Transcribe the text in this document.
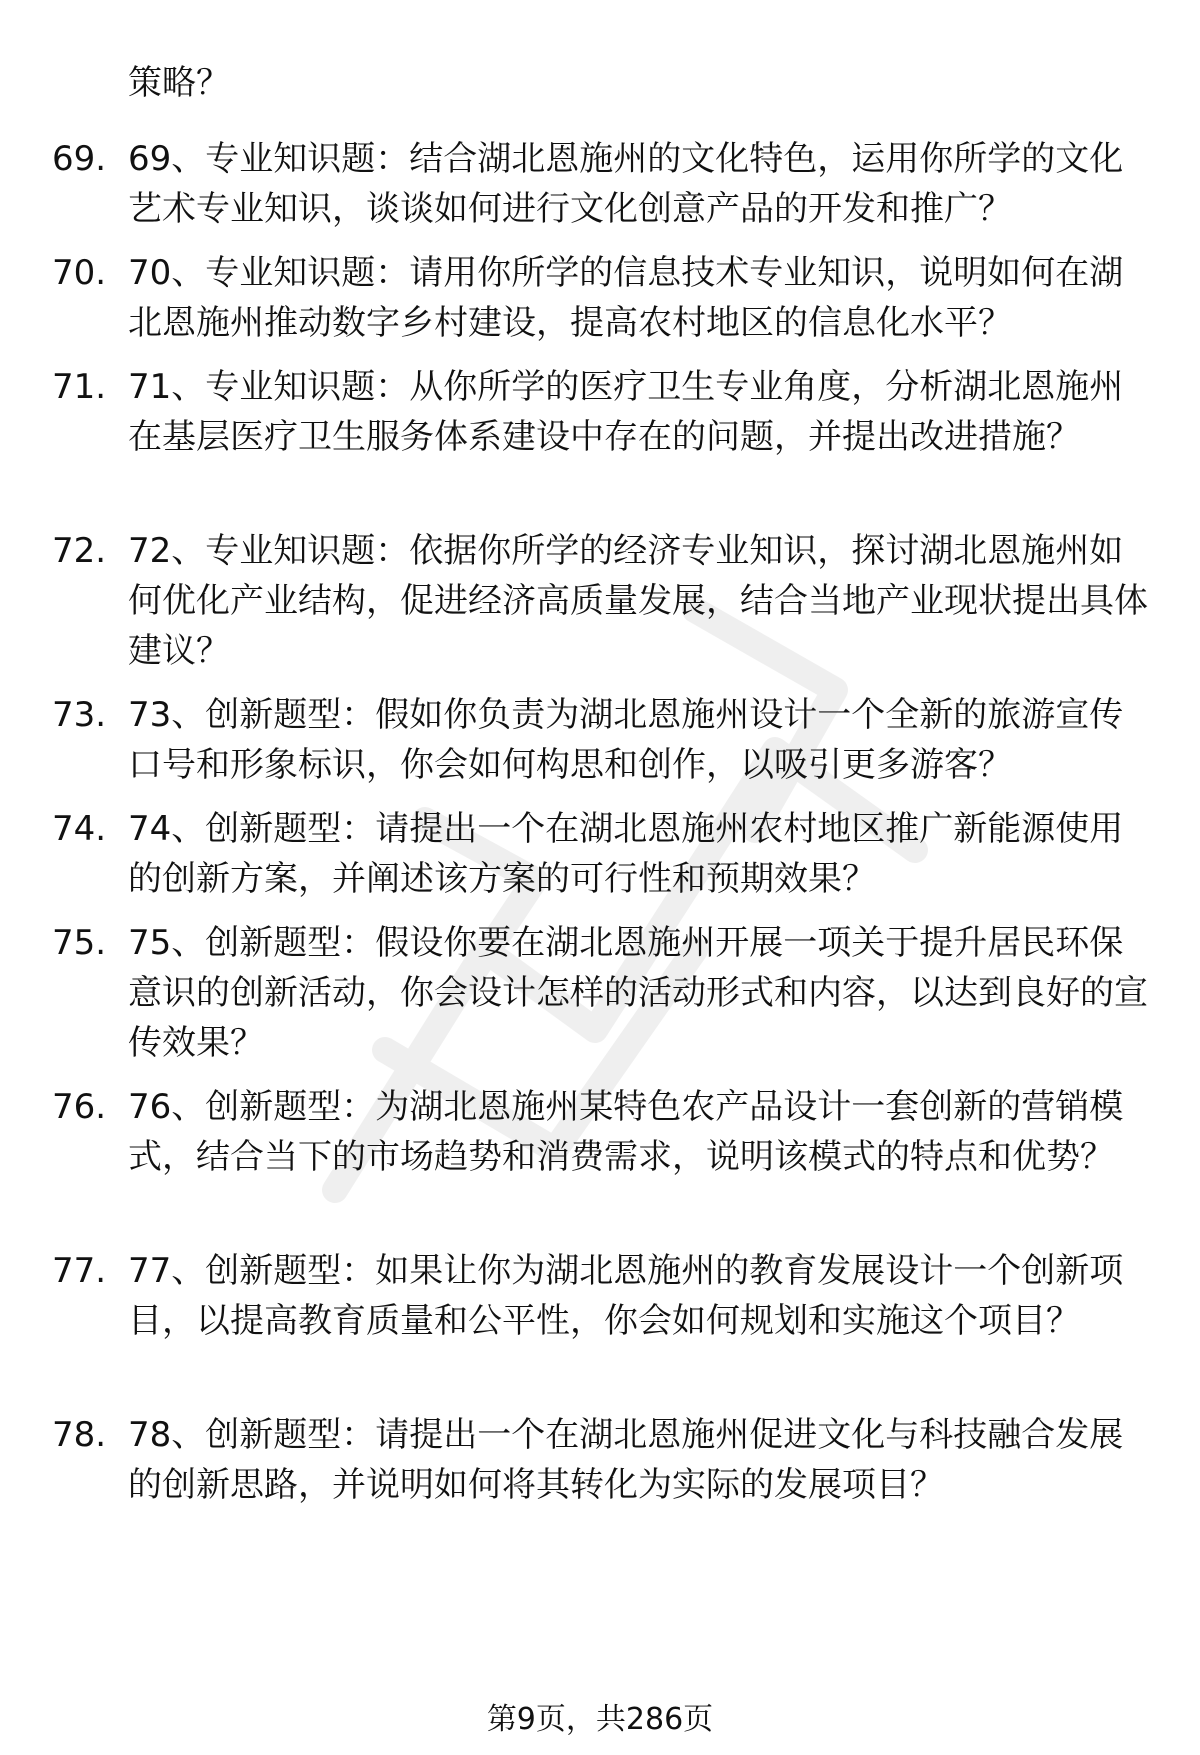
策略？
69. 69、专业知识题：结合湖北恩施州的文化特色，运用你所学的文化艺术专业知识，谈谈如何进行文化创意产品的开发和推广？
70. 70、专业知识题：请用你所学的信息技术专业知识，说明如何在湖北恩施州推动数字乡村建设，提高农村地区的信息化水平？
71. 71、专业知识题：从你所学的医疗卫生专业角度，分析湖北恩施州在基层医疗卫生服务体系建设中存在的问题，并提出改进措施？
72. 72、专业知识题：依据你所学的经济专业知识，探讨湖北恩施州如何优化产业结构，促进经济高质量发展，结合当地产业现状提出具体建议？
73. 73、创新题型：假如你负责为湖北恩施州设计一个全新的旅游宣传口号和形象标识，你会如何构思和创作，以吸引更多游客？
74. 74、创新题型：请提出一个在湖北恩施州农村地区推广新能源使用的创新方案，并阐述该方案的可行性和预期效果？
75. 75、创新题型：假设你要在湖北恩施州开展一项关于提升居民环保意识的创新活动，你会设计怎样的活动形式和内容，以达到良好的宣传效果？
76. 76、创新题型：为湖北恩施州某特色农产品设计一套创新的营销模式，结合当下的市场趋势和消费需求，说明该模式的特点和优势？
77. 77、创新题型：如果让你为湖北恩施州的教育发展设计一个创新项目，以提高教育质量和公平性，你会如何规划和实施这个项目？
78. 78、创新题型：请提出一个在湖北恩施州促进文化与科技融合发展的创新思路，并说明如何将其转化为实际的发展项目？
第9页，共286页
